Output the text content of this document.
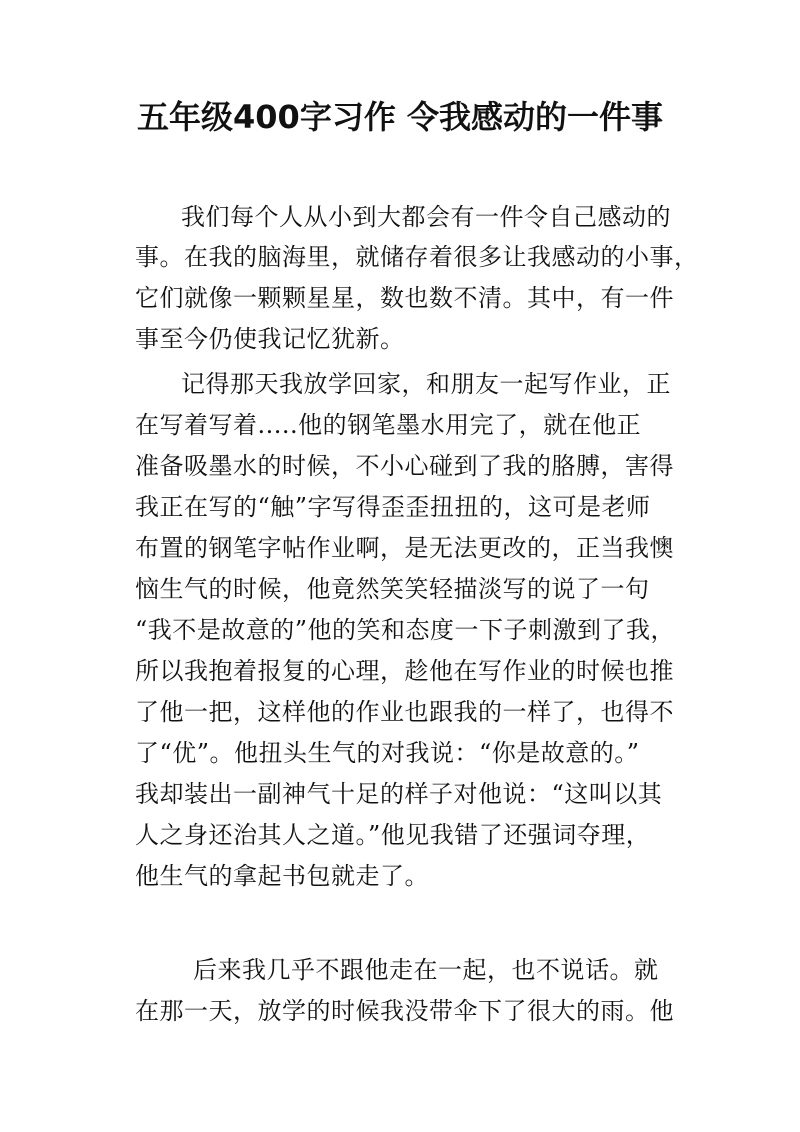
五年级400字习作 令我感动的一件事
我们每个人从小到大都会有一件令自己感动的
事。在我的脑海里，就储存着很多让我感动的小事，
它们就像一颗颗星星，数也数不清。其中，有一件
事至今仍使我记忆犹新。
记得那天我放学回家，和朋友一起写作业，正
在写着写着.....他的钢笔墨水用完了，就在他正
准备吸墨水的时候，不小心碰到了我的胳膊，害得
我正在写的“触”字写得歪歪扭扭的，这可是老师
布置的钢笔字帖作业啊，是无法更改的，正当我懊
恼生气的时候，他竟然笑笑轻描淡写的说了一句
“我不是故意的”他的笑和态度一下子刺激到了我，
所以我抱着报复的心理，趁他在写作业的时候也推
了他一把，这样他的作业也跟我的一样了，也得不
了“优”。他扭头生气的对我说：“你是故意的。”
我却装出一副神气十足的样子对他说：“这叫以其
人之身还治其人之道。”他见我错了还强词夺理，
他生气的拿起书包就走了。
后来我几乎不跟他走在一起，也不说话。就
在那一天，放学的时候我没带伞下了很大的雨。他
